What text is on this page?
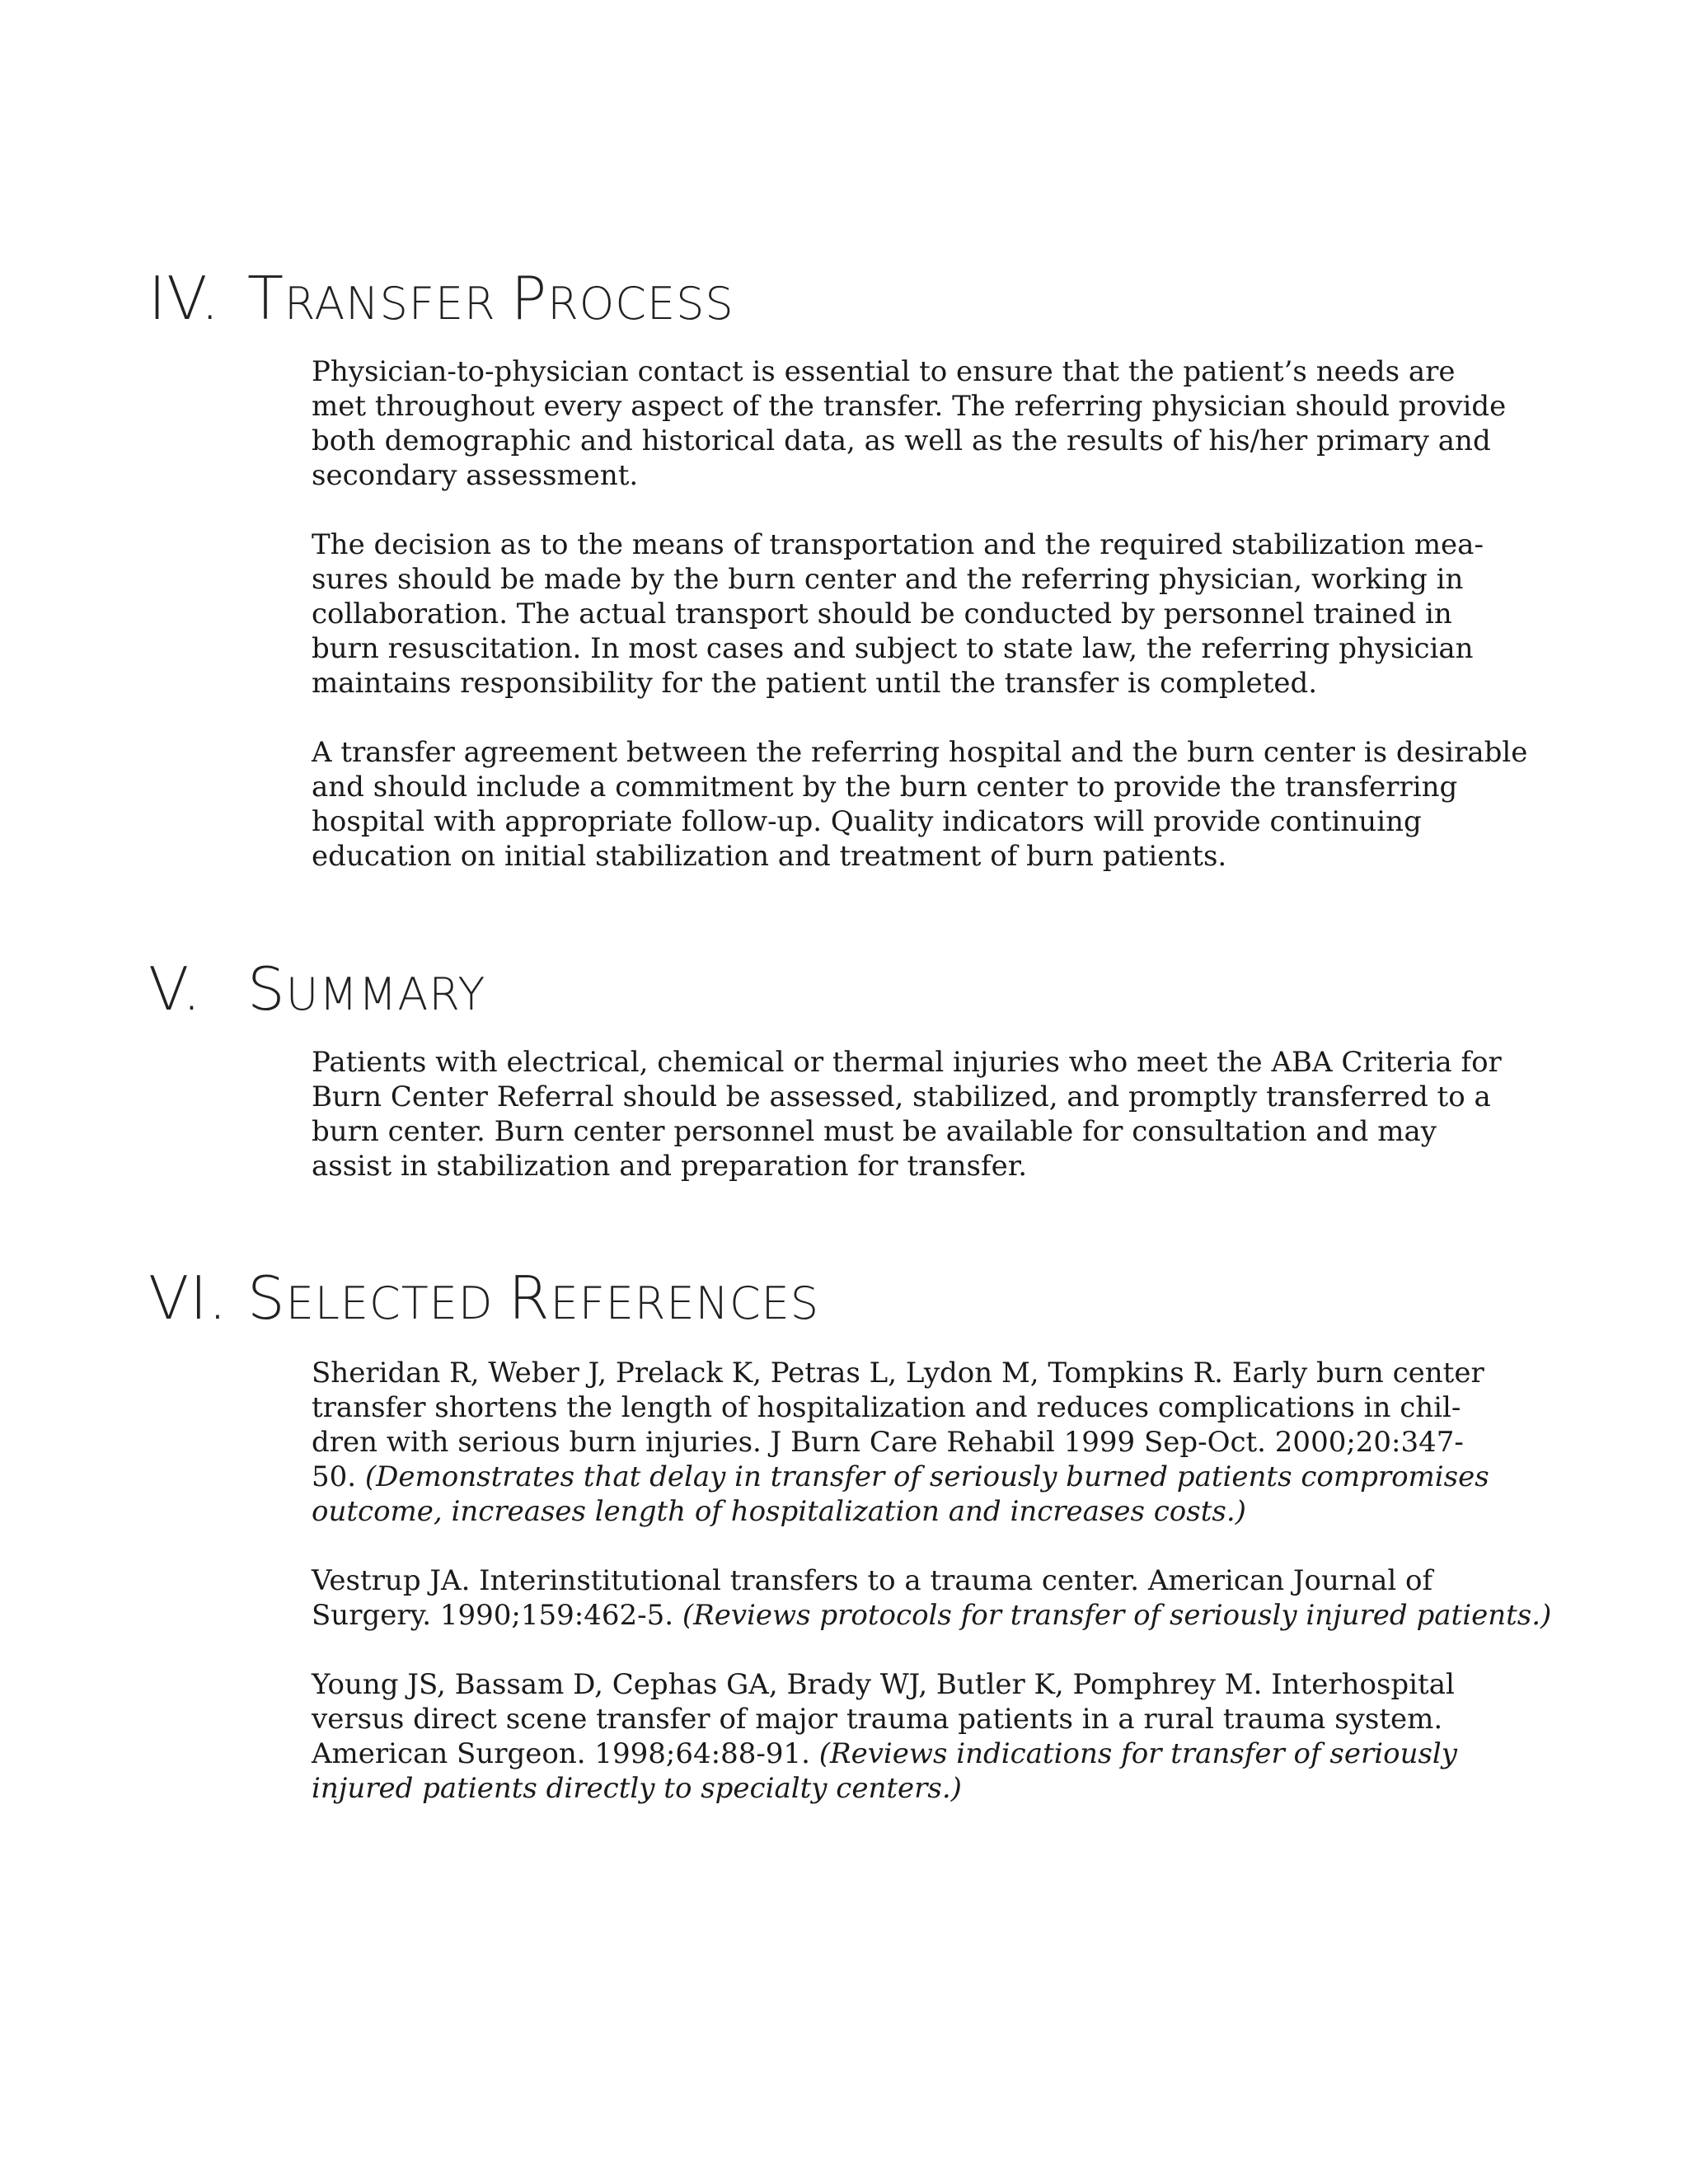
IV. TRANSFER PROCESS

Physician-to-physician contact is essential to ensure that the patient’s needs are
met throughout every aspect of the transfer. The referring physician should provide
both demographic and historical data, as well as the results of his/her primary and
secondary assessment.

The decision as to the means of transportation and the required stabilization mea-
sures should be made by the burn center and the referring physician, working in
collaboration. The actual transport should be conducted by personnel trained in
burn resuscitation. In most cases and subject to state law, the referring physician
maintains responsibility for the patient until the transfer is completed.

A transfer agreement between the referring hospital and the burn center is desirable
and should include a commitment by the burn center to provide the transferring
hospital with appropriate follow-up. Quality indicators will provide continuing
education on initial stabilization and treatment of burn patients.

V. SUMMARY

Patients with electrical, chemical or thermal injuries who meet the ABA Criteria for
Burn Center Referral should be assessed, stabilized, and promptly transferred to a
burn center. Burn center personnel must be available for consultation and may
assist in stabilization and preparation for transfer.

VI. SELECTED REFERENCES

Sheridan R, Weber J, Prelack K, Petras L, Lydon M, Tompkins R. Early burn center
transfer shortens the length of hospitalization and reduces complications in chil-
dren with serious burn injuries. J Burn Care Rehabil 1999 Sep-Oct. 2000;20:347-
50. (Demonstrates that delay in transfer of seriously burned patients compromises
outcome, increases length of hospitalization and increases costs.)

Vestrup JA. Interinstitutional transfers to a trauma center. American Journal of
Surgery. 1990;159:462-5. (Reviews protocols for transfer of seriously injured patients.)

Young JS, Bassam D, Cephas GA, Brady WJ, Butler K, Pomphrey M. Interhospital
versus direct scene transfer of major trauma patients in a rural trauma system.
American Surgeon. 1998;64:88-91. (Reviews indications for transfer of seriously
injured patients directly to specialty centers.)
